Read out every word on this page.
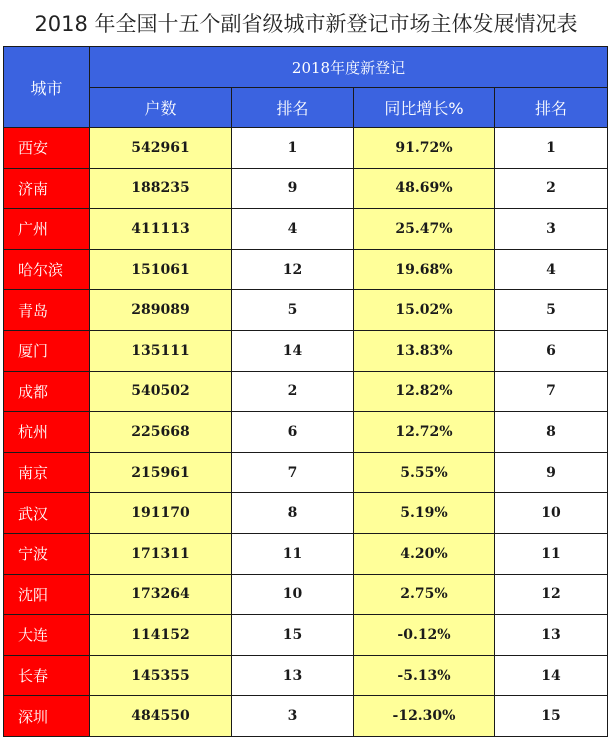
2018 年全国十五个副省级城市新登记市场主体发展情况表
城市	2018年度新登记			
	户数	排名	同比增长%	排名
西安	542961	1	91.72%	1
济南	188235	9	48.69%	2
广州	411113	4	25.47%	3
哈尔滨	151061	12	19.68%	4
青岛	289089	5	15.02%	5
厦门	135111	14	13.83%	6
成都	540502	2	12.82%	7
杭州	225668	6	12.72%	8
南京	215961	7	5.55%	9
武汉	191170	8	5.19%	10
宁波	171311	11	4.20%	11
沈阳	173264	10	2.75%	12
大连	114152	15	-0.12%	13
长春	145355	13	-5.13%	14
深圳	484550	3	-12.30%	15
